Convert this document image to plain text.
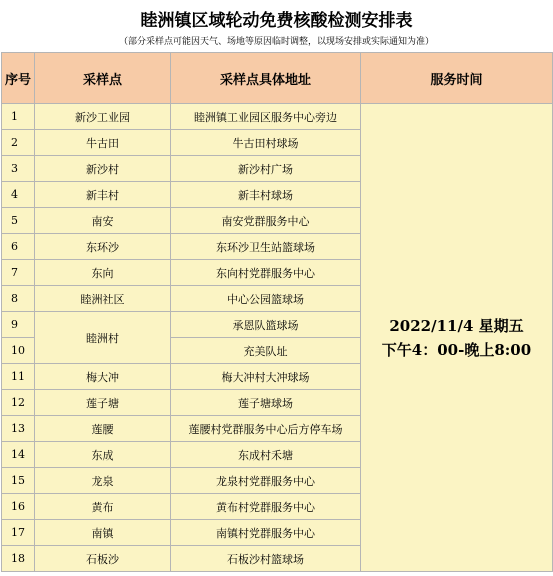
睦洲镇区域轮动免费核酸检测安排表
（部分采样点可能因天气、场地等原因临时调整，以现场安排或实际通知为准）
序号	采样点	采样点具体地址	服务时间
1	新沙工业园	睦洲镇工业园区服务中心旁边	2022/11/4 星期五
下午4：00-晚上8:00

2	牛古田	牛古田村球场	
3	新沙村	新沙村广场	
4	新丰村	新丰村球场	
5	南安	南安党群服务中心	
6	东环沙	东环沙卫生站篮球场	
7	东向	东向村党群服务中心	
8	睦洲社区	中心公园篮球场	
9	睦洲村	承恩队篮球场	
10		充美队址	
11	梅大冲	梅大冲村大冲球场	
12	莲子塘	莲子塘球场	
13	莲腰	莲腰村党群服务中心后方停车场	
14	东成	东成村禾塘	
15	龙泉	龙泉村党群服务中心	
16	黄布	黄布村党群服务中心	
17	南镇	南镇村党群服务中心	
18	石板沙	石板沙村篮球场	
